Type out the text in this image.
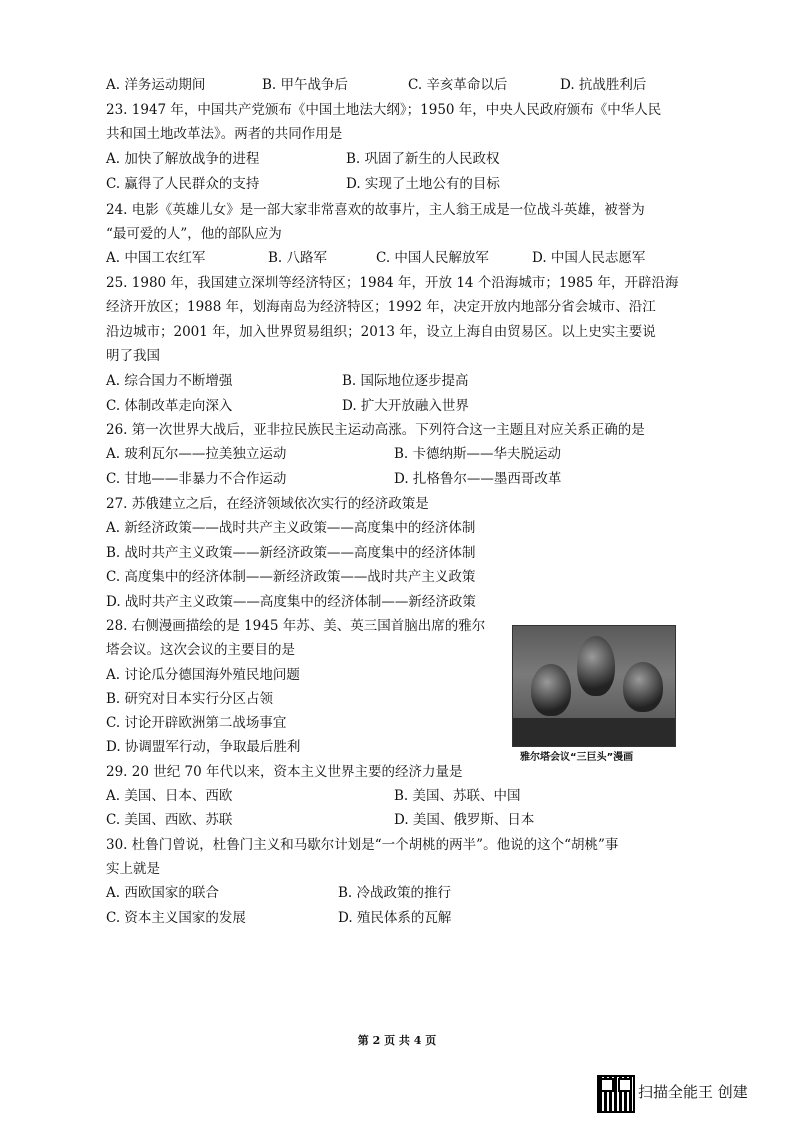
A. 洋务运动期间	B. 甲午战争后	C. 辛亥革命以后	D. 抗战胜利后
23. 1947 年，中国共产党颁布《中国土地法大纲》；1950 年，中央人民政府颁布《中华人民
共和国土地改革法》。两者的共同作用是
A. 加快了解放战争的进程	B. 巩固了新生的人民政权
C. 赢得了人民群众的支持	D. 实现了土地公有的目标
24. 电影《英雄儿女》是一部大家非常喜欢的故事片，主人翁王成是一位战斗英雄，被誉为
“最可爱的人”，他的部队应为
A. 中国工农红军	B. 八路军	C. 中国人民解放军	D. 中国人民志愿军
25. 1980 年，我国建立深圳等经济特区；1984 年，开放 14 个沿海城市；1985 年，开辟沿海
经济开放区；1988 年，划海南岛为经济特区；1992 年，决定开放内地部分省会城市、沿江
沿边城市；2001 年，加入世界贸易组织；2013 年，设立上海自由贸易区。以上史实主要说
明了我国
A. 综合国力不断增强	B. 国际地位逐步提高
C. 体制改革走向深入	D. 扩大开放融入世界
26. 第一次世界大战后，亚非拉民族民主运动高涨。下列符合这一主题且对应关系正确的是
A. 玻利瓦尔——拉美独立运动	B. 卡德纳斯——华夫脱运动
C. 甘地——非暴力不合作运动	D. 扎格鲁尔——墨西哥改革
27. 苏俄建立之后，在经济领域依次实行的经济政策是
A. 新经济政策——战时共产主义政策——高度集中的经济体制
B. 战时共产主义政策——新经济政策——高度集中的经济体制
C. 高度集中的经济体制——新经济政策——战时共产主义政策
D. 战时共产主义政策——高度集中的经济体制——新经济政策
28. 右侧漫画描绘的是 1945 年苏、美、英三国首脑出席的雅尔
塔会议。这次会议的主要目的是
A. 讨论瓜分德国海外殖民地问题
B. 研究对日本实行分区占领
C. 讨论开辟欧洲第二战场事宜
D. 协调盟军行动，争取最后胜利
雅尔塔会议“三巨头”漫画
29. 20 世纪 70 年代以来，资本主义世界主要的经济力量是
A. 美国、日本、西欧	B. 美国、苏联、中国
C. 美国、西欧、苏联	D. 美国、俄罗斯、日本
30. 杜鲁门曾说，杜鲁门主义和马歇尔计划是“一个胡桃的两半”。他说的这个“胡桃”事
实上就是
A. 西欧国家的联合	B. 冷战政策的推行
C. 资本主义国家的发展	D. 殖民体系的瓦解
第 2 页 共 4 页
扫描全能王 创建
